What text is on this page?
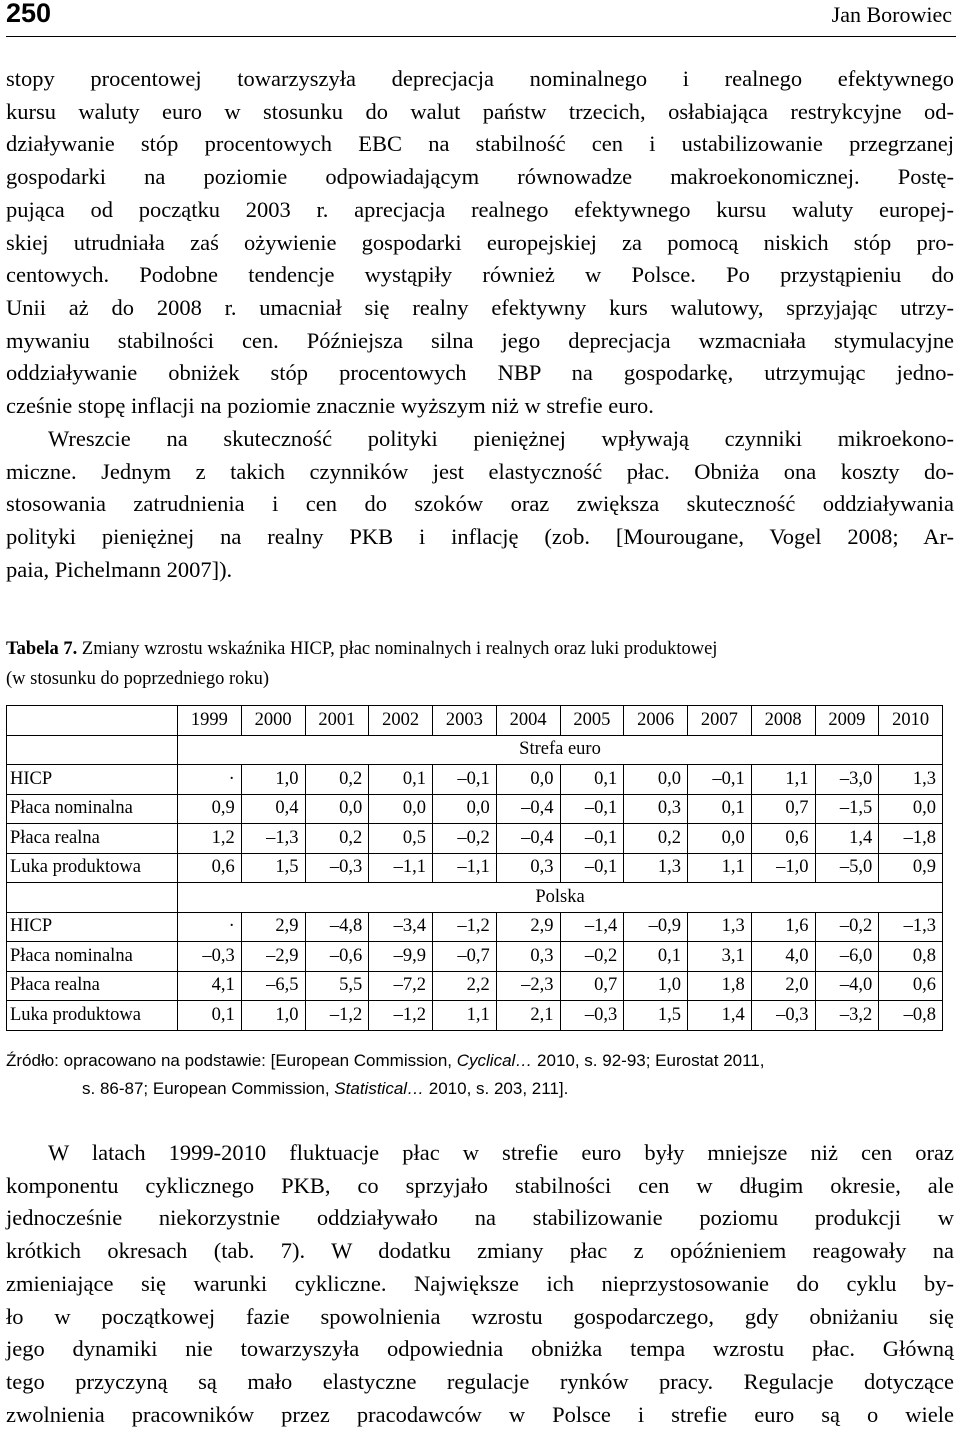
250	Jan Borowiec
stopy procentowej towarzyszyła deprecjacja nominalnego i realnego efektywnego
kursu waluty euro w stosunku do walut państw trzecich, osłabiająca restrykcyjne od-
działywanie stóp procentowych EBC na stabilność cen i ustabilizowanie przegrzanej
gospodarki na poziomie odpowiadającym równowadze makroekonomicznej. Postę-
pująca od początku 2003 r. aprecjacja realnego efektywnego kursu waluty europej-
skiej utrudniała zaś ożywienie gospodarki europejskiej za pomocą niskich stóp pro-
centowych. Podobne tendencje wystąpiły również w Polsce. Po przystąpieniu do
Unii aż do 2008 r. umacniał się realny efektywny kurs walutowy, sprzyjając utrzy-
mywaniu stabilności cen. Późniejsza silna jego deprecjacja wzmacniała stymulacyjne
oddziaływanie obniżek stóp procentowych NBP na gospodarkę, utrzymując jedno-
cześnie stopę inflacji na poziomie znacznie wyższym niż w strefie euro.
Wreszcie na skuteczność polityki pieniężnej wpływają czynniki mikroekono-
miczne. Jednym z takich czynników jest elastyczność płac. Obniża ona koszty do-
stosowania zatrudnienia i cen do szoków oraz zwiększa skuteczność oddziaływania
polityki pieniężnej na realny PKB i inflację (zob. [Mourougane, Vogel 2008; Ar-
paia, Pichelmann 2007]).
Tabela 7. Zmiany wzrostu wskaźnika HICP, płac nominalnych i realnych oraz luki produktowej
(w stosunku do poprzedniego roku)
	1999	2000	2001	2002	2003	2004	2005	2006	2007	2008	2009	2010
	Strefa euro											
HICP	·	1,0	0,2	0,1	–0,1	0,0	0,1	0,0	–0,1	1,1	–3,0	1,3
Płaca nominalna	0,9	0,4	0,0	0,0	0,0	–0,4	–0,1	0,3	0,1	0,7	–1,5	0,0
Płaca realna	1,2	–1,3	0,2	0,5	–0,2	–0,4	–0,1	0,2	0,0	0,6	1,4	–1,8
Luka produktowa	0,6	1,5	–0,3	–1,1	–1,1	0,3	–0,1	1,3	1,1	–1,0	–5,0	0,9
	Polska											
HICP	·	2,9	–4,8	–3,4	–1,2	2,9	–1,4	–0,9	1,3	1,6	–0,2	–1,3
Płaca nominalna	–0,3	–2,9	–0,6	–9,9	–0,7	0,3	–0,2	0,1	3,1	4,0	–6,0	0,8
Płaca realna	4,1	–6,5	5,5	–7,2	2,2	–2,3	0,7	1,0	1,8	2,0	–4,0	0,6
Luka produktowa	0,1	1,0	–1,2	–1,2	1,1	2,1	–0,3	1,5	1,4	–0,3	–3,2	–0,8
Źródło: opracowano na podstawie: [European Commission, Cyclical… 2010, s. 92-93; Eurostat 2011,
s. 86-87; European Commission, Statistical… 2010, s. 203, 211].
W latach 1999-2010 fluktuacje płac w strefie euro były mniejsze niż cen oraz
komponentu cyklicznego PKB, co sprzyjało stabilności cen w długim okresie, ale
jednocześnie niekorzystnie oddziaływało na stabilizowanie poziomu produkcji w
krótkich okresach (tab. 7). W dodatku zmiany płac z opóźnieniem reagowały na
zmieniające się warunki cykliczne. Największe ich nieprzystosowanie do cyklu by-
ło w początkowej fazie spowolnienia wzrostu gospodarczego, gdy obniżaniu się
jego dynamiki nie towarzyszyła odpowiednia obniżka tempa wzrostu płac. Główną
tego przyczyną są mało elastyczne regulacje rynków pracy. Regulacje dotyczące
zwolnienia pracowników przez pracodawców w Polsce i strefie euro są o wiele
